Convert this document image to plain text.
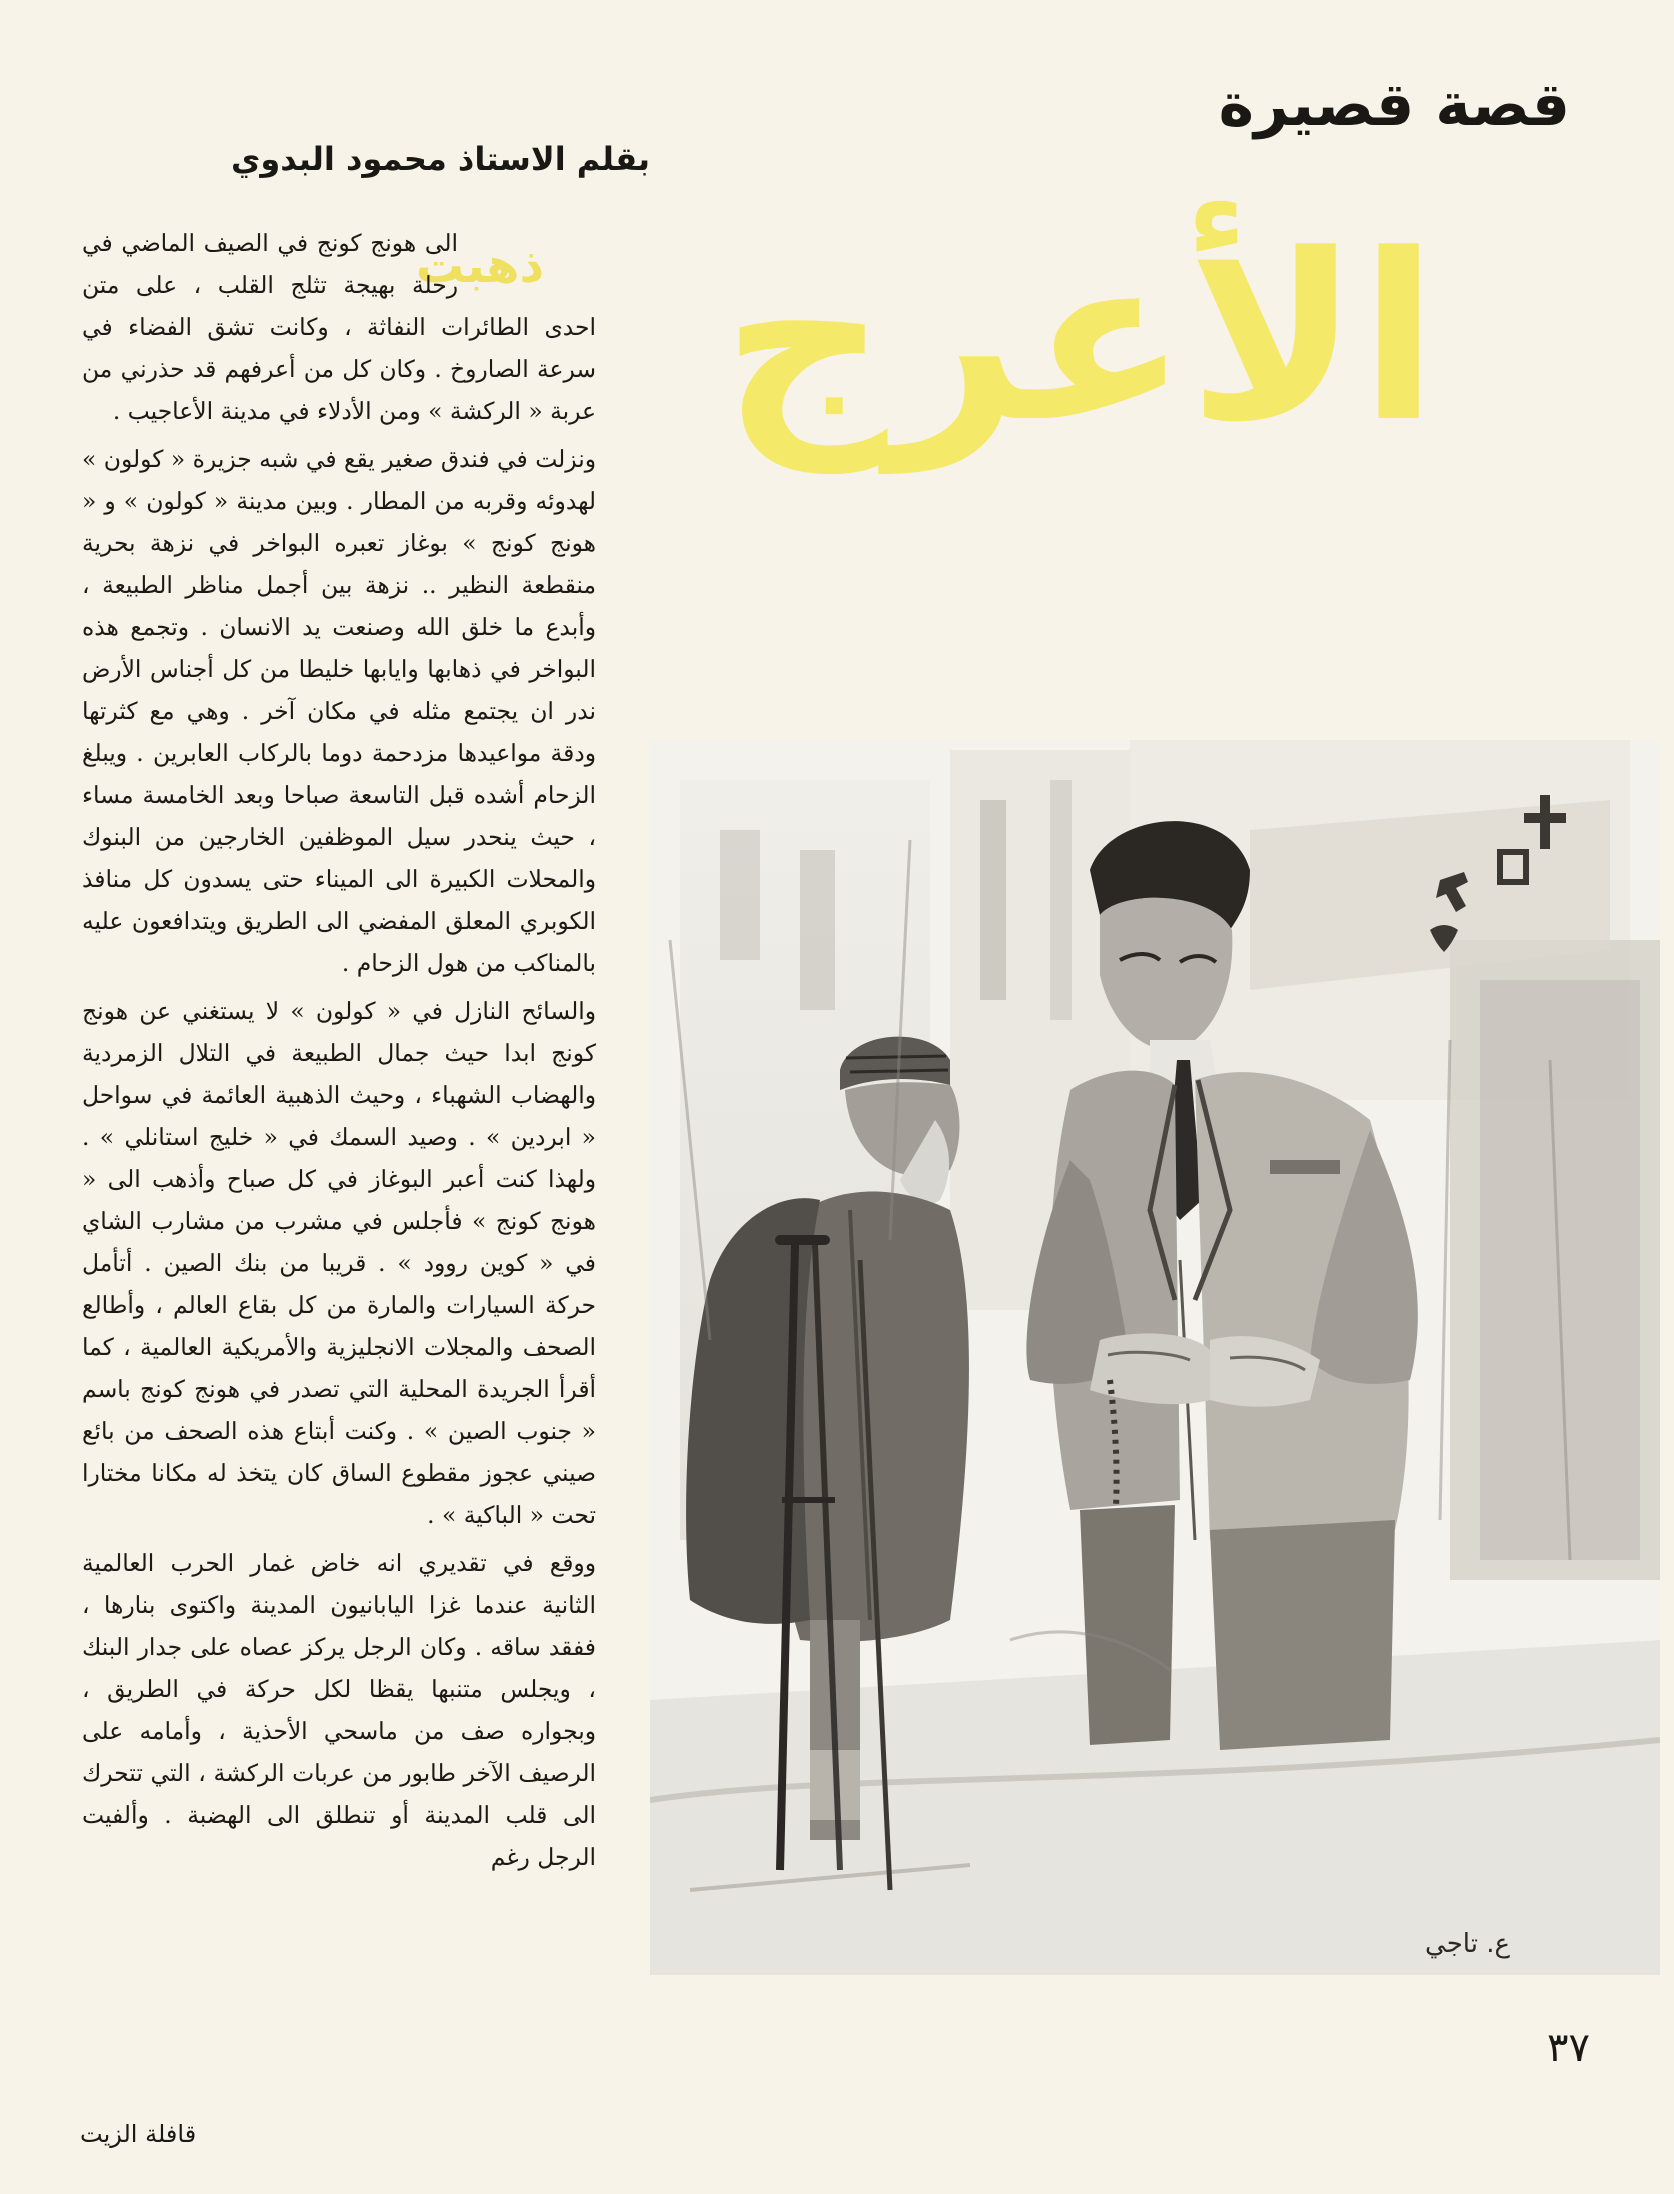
قصة قصيرة
بقلم الاستاذ محمود البدوي
الأعرج
ذهبت

الى هونج كونج في الصيف الماضي في رحلة بهيجة تثلج القلب ، على متن احدى الطائرات النفاثة ، وكانت تشق الفضاء في سرعة الصاروخ . وكان كل من أعرفهم قد حذرني من عربة « الركشة » ومن الأدلاء في مدينة الأعاجيب .

ونزلت في فندق صغير يقع في شبه جزيرة « كولون » لهدوئه وقربه من المطار . وبين مدينة « كولون » و « هونج كونج » بوغاز تعبره البواخر في نزهة بحرية منقطعة النظير .. نزهة بين أجمل مناظر الطبيعة ، وأبدع ما خلق الله وصنعت يد الانسان . وتجمع هذه البواخر في ذهابها وايابها خليطا من كل أجناس الأرض ندر ان يجتمع مثله في مكان آخر . وهي مع كثرتها ودقة مواعيدها مزدحمة دوما بالركاب العابرين . ويبلغ الزحام أشده قبل التاسعة صباحا وبعد الخامسة مساء ، حيث ينحدر سيل الموظفين الخارجين من البنوك والمحلات الكبيرة الى الميناء حتى يسدون كل منافذ الكوبري المعلق المفضي الى الطريق ويتدافعون عليه بالمناكب من هول الزحام .

والسائح النازل في « كولون » لا يستغني عن هونج كونج ابدا حيث جمال الطبيعة في التلال الزمردية والهضاب الشهباء ، وحيث الذهبية العائمة في سواحل « ابردين » . وصيد السمك في « خليج استانلي » . ولهذا كنت أعبر البوغاز في كل صباح وأذهب الى « هونج كونج » فأجلس في مشرب من مشارب الشاي في « كوين روود » . قريبا من بنك الصين . أتأمل حركة السيارات والمارة من كل بقاع العالم ، وأطالع الصحف والمجلات الانجليزية والأمريكية العالمية ، كما أقرأ الجريدة المحلية التي تصدر في هونج كونج باسم « جنوب الصين » . وكنت أبتاع هذه الصحف من بائع صيني عجوز مقطوع الساق كان يتخذ له مكانا مختارا تحت « الباكية » .

ووقع في تقديري انه خاض غمار الحرب العالمية الثانية عندما غزا اليابانيون المدينة واكتوى بنارها ، ففقد ساقه . وكان الرجل يركز عصاه على جدار البنك ، ويجلس متنبها يقظا لكل حركة في الطريق ، وبجواره صف من ماسحي الأحذية ، وأمامه على الرصيف الآخر طابور من عربات الركشة ، التي تتحرك الى قلب المدينة أو تنطلق الى الهضبة . وألفيت الرجل رغم

ع. تاجي
٣٧
قافلة الزيت
